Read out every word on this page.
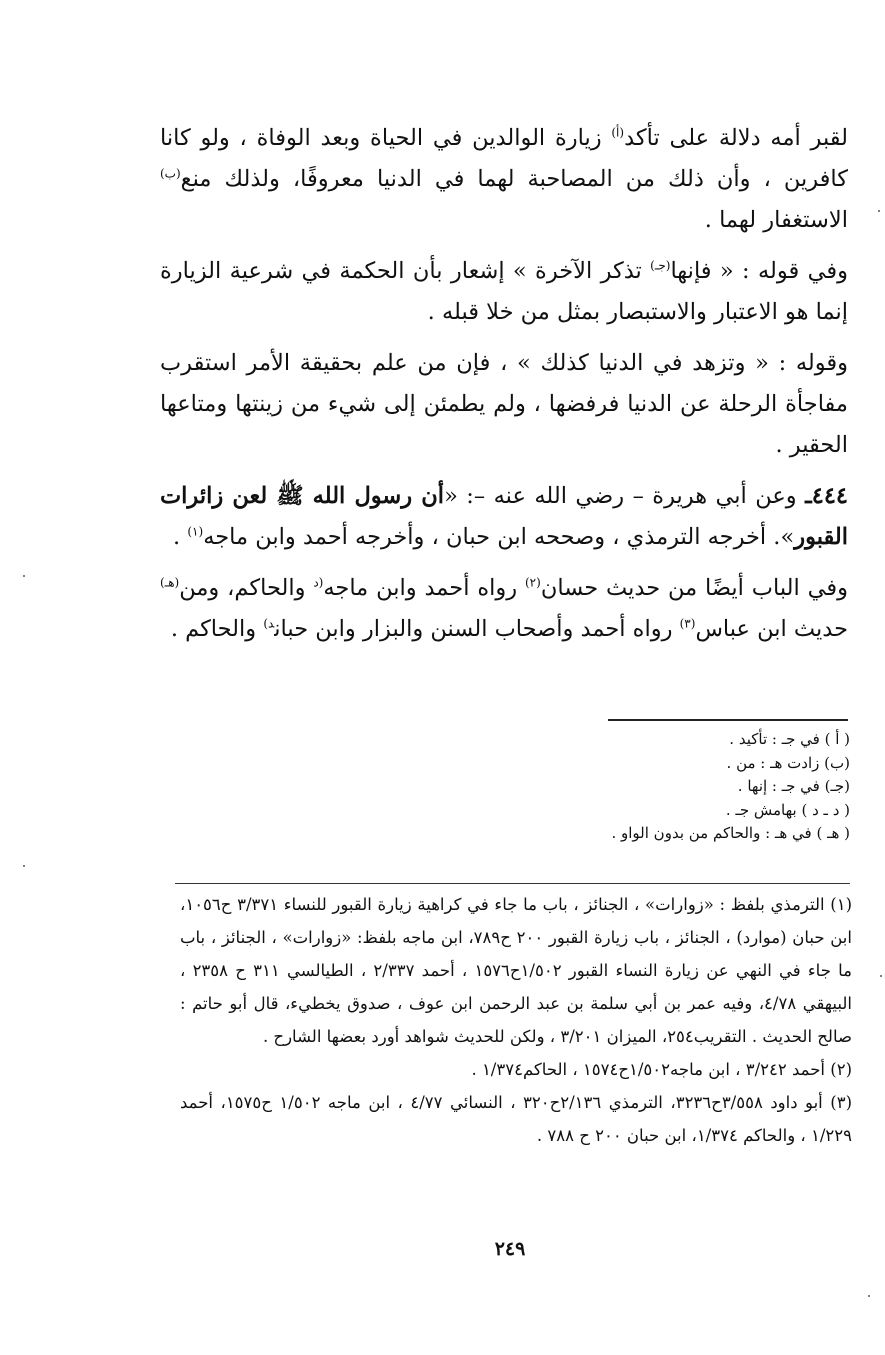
لقبر أمه دلالة على تأكد$^{(أ)}$ زيارة الوالدين في الحياة وبعد الوفاة ، ولو كانا كافرين ، وأن ذلك من المصاحبة لهما في الدنيا معروفًا، ولذلك منع$^{(ب)}$ الاستغفار لهما .

وفي قوله : « فإنها$^{(جـ)}$ تذكر الآخرة » إشعار بأن الحكمة في شرعية الزيارة إنما هو الاعتبار والاستبصار بمثل من خلا قبله .

وقوله : « وتزهد في الدنيا كذلك » ، فإن من علم بحقيقة الأمر استقرب مفاجأة الرحلة عن الدنيا فرفضها ، ولم يطمئن إلى شيء من زينتها ومتاعها الحقير .

٤٤٤ـ وعن أبي هريرة – رضي الله عنه –: «أن رسول الله ﷺ لعن زائرات القبور». أخرجه الترمذي ، وصححه ابن حبان ، وأخرجه أحمد وابن ماجه$^{(١)}$ .

وفي الباب أيضًا من حديث حسان$^{(٢)}$ رواه أحمد وابن ماجه$^{(د}$ والحاكم، ومن$^{(هـ)}$ حديث ابن عباس$^{(٣)}$ رواه أحمد وأصحاب السنن والبزار وابن حبان$^{د)}$ والحاكم .

( أ ) في جـ : تأكيد .
(ب) زادت هـ : من .
(جـ) في جـ : إنها .
( د ـ د ) بهامش جـ .
( هـ ) في هـ : والحاكم من بدون الواو .

(١) الترمذي بلفظ : «زوارات» ، الجنائز ، باب ما جاء في كراهية زيارة القبور للنساء ٣/٣٧١ ح١٠٥٦، ابن حبان (موارد) ، الجنائز ، باب زيارة القبور ٢٠٠ ح٧٨٩، ابن ماجه بلفظ: «زوارات» ، الجنائز ، باب ما جاء في النهي عن زيارة النساء القبور ١/٥٠٢ح١٥٧٦ ، أحمد ٢/٣٣٧ ، الطيالسي ٣١١ ح ٢٣٥٨ ، البيهقي ٤/٧٨، وفيه عمر بن أبي سلمة بن عبد الرحمن ابن عوف ، صدوق يخطيء، قال أبو حاتم : صالح الحديث . التقريب٢٥٤، الميزان ٣/٢٠١ ، ولكن للحديث شواهد أورد بعضها الشارح .

(٢) أحمد ٣/٢٤٢ ، ابن ماجه١/٥٠٢ح١٥٧٤ ، الحاكم١/٣٧٤ .

(٣) أبو داود ٣/٥٥٨ح٣٢٣٦، الترمذي ٢/١٣٦ح٣٢٠ ، النسائي ٤/٧٧ ، ابن ماجه ١/٥٠٢ ح١٥٧٥، أحمد ١/٢٢٩ ، والحاكم ١/٣٧٤، ابن حبان ٢٠٠ ح ٧٨٨ .

٢٤٩
